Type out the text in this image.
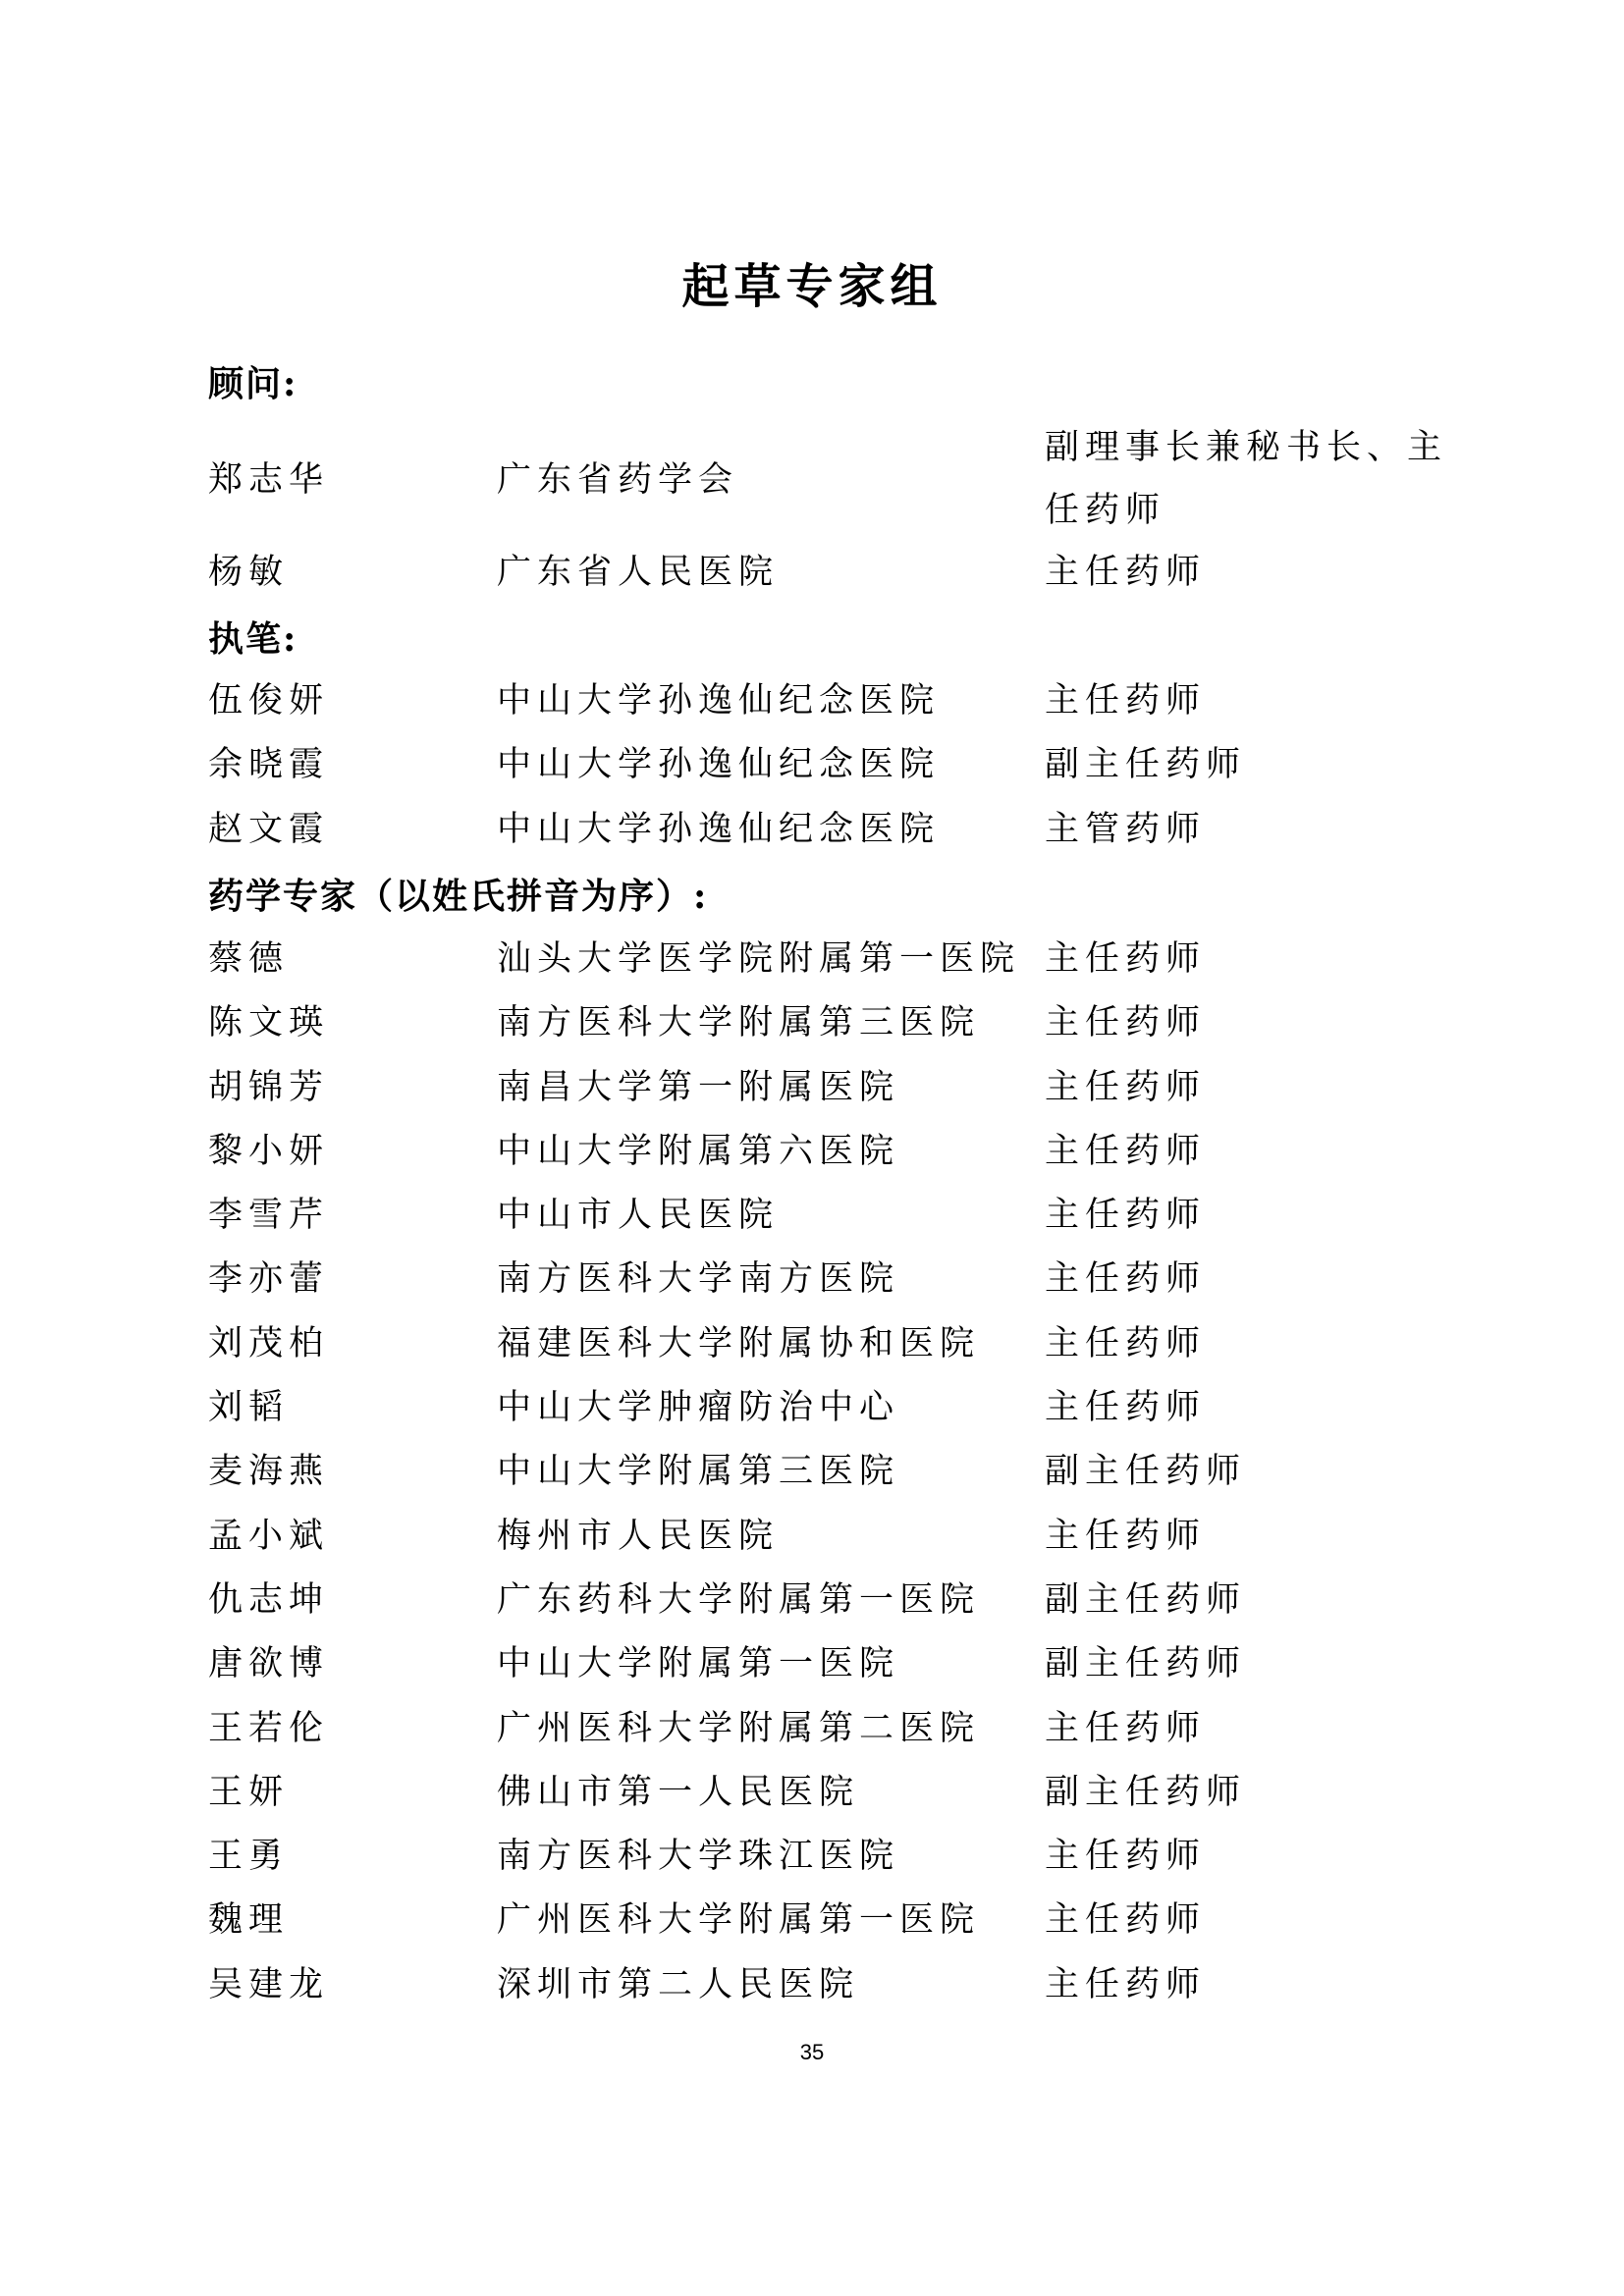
起草专家组
顾问:
郑志华	广东省药学会
副理事长兼秘书长、主任药师
杨敏	广东省人民医院	主任药师
执笔:
伍俊妍	中山大学孙逸仙纪念医院	主任药师
余晓霞	中山大学孙逸仙纪念医院	副主任药师
赵文霞	中山大学孙逸仙纪念医院	主管药师
药学专家（以姓氏拼音为序）:
蔡德	汕头大学医学院附属第一医院 主任药师
陈文瑛	南方医科大学附属第三医院 主任药师
胡锦芳	南昌大学第一附属医院	主任药师
黎小妍	中山大学附属第六医院	主任药师
李雪芹	中山市人民医院	主任药师
李亦蕾	南方医科大学南方医院	主任药师
刘茂柏	福建医科大学附属协和医院 主任药师
刘韬	中山大学肿瘤防治中心	主任药师
麦海燕	中山大学附属第三医院	副主任药师
孟小斌	梅州市人民医院	主任药师
仇志坤	广东药科大学附属第一医院 副主任药师
唐欲博	中山大学附属第一医院	副主任药师
王若伦	广州医科大学附属第二医院 主任药师
王妍	佛山市第一人民医院	副主任药师
王勇	南方医科大学珠江医院	主任药师
魏理	广州医科大学附属第一医院 主任药师
吴建龙	深圳市第二人民医院	主任药师
35
